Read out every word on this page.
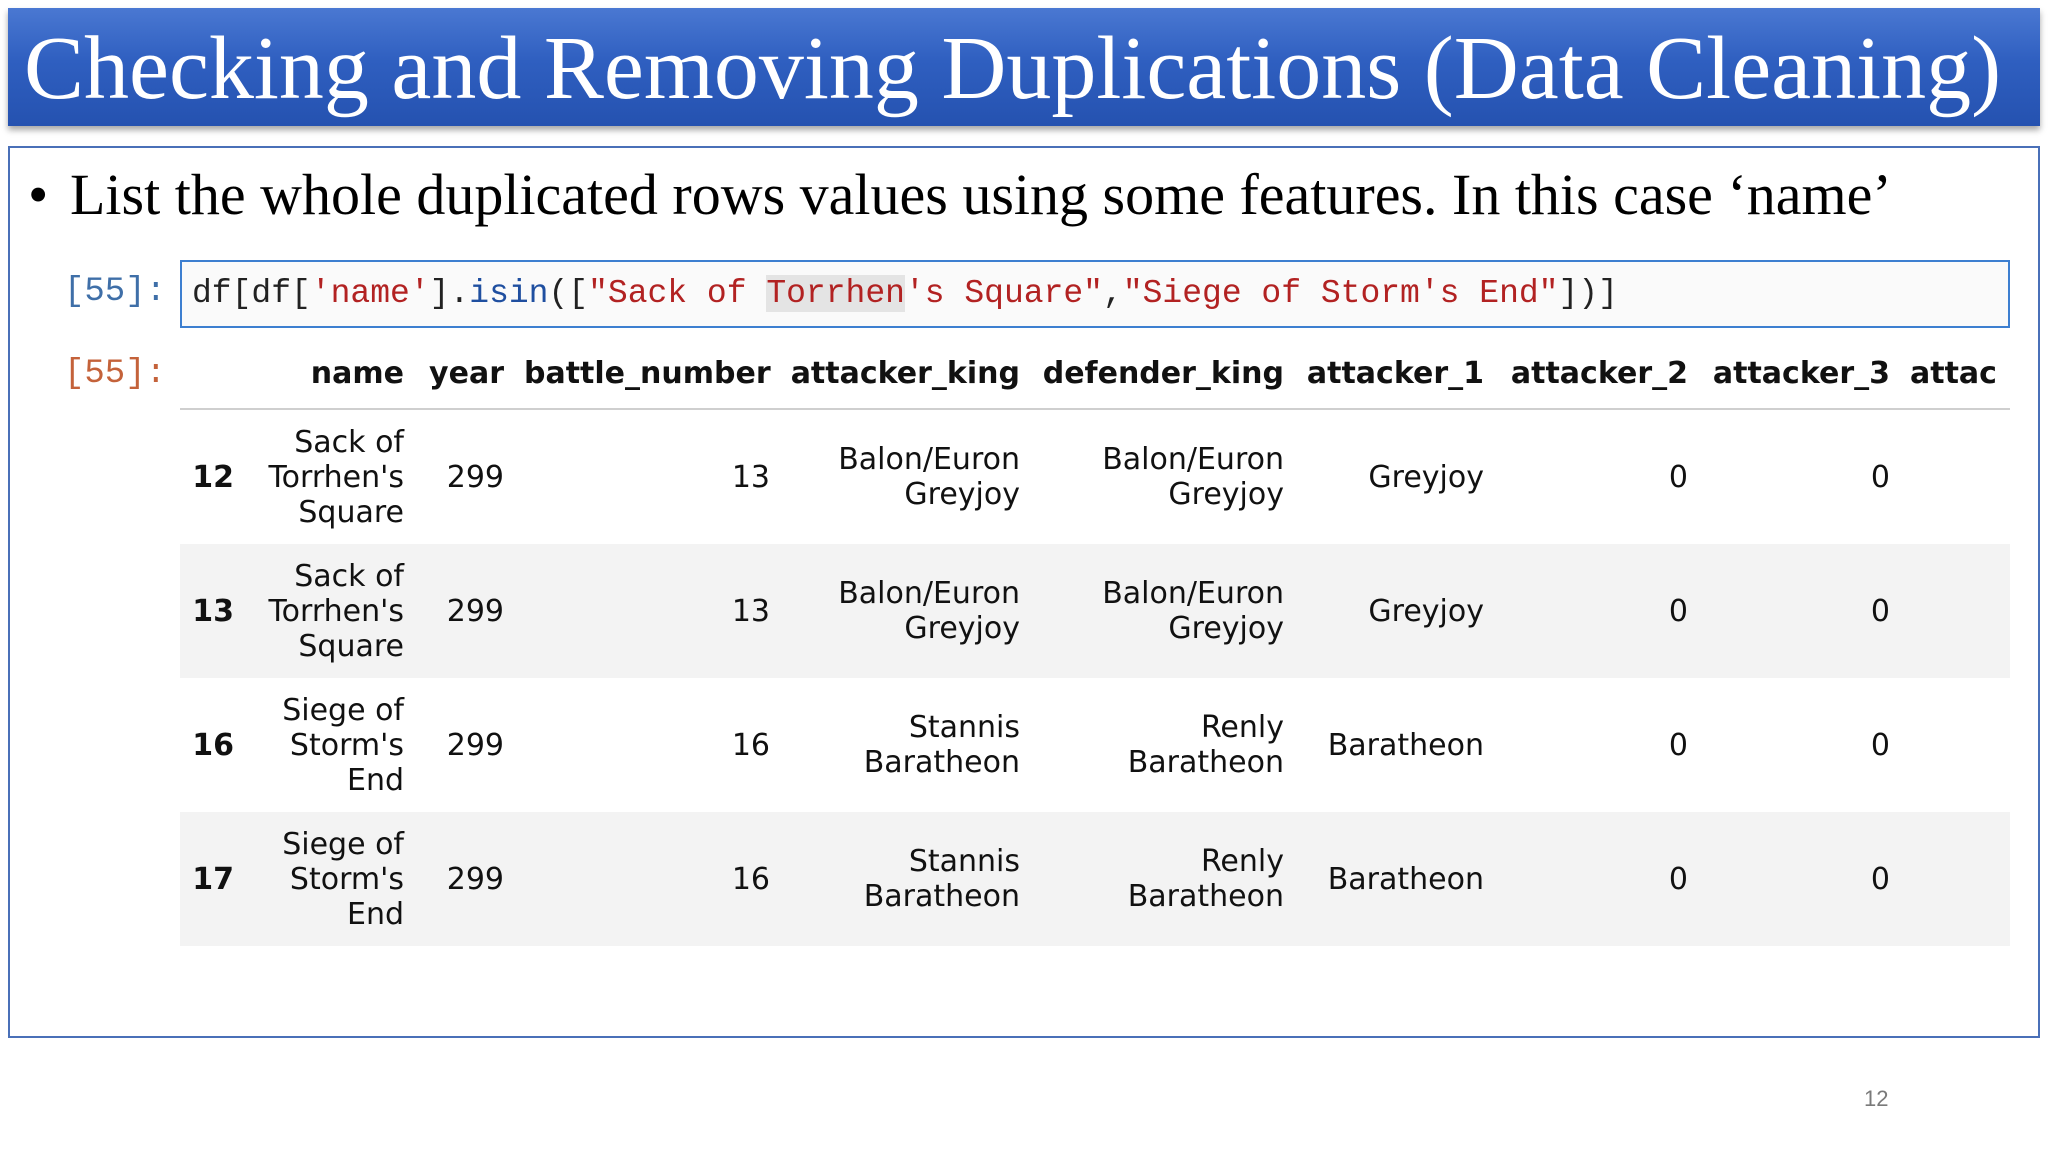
Checking and Removing Duplications (Data Cleaning)
• List the whole duplicated rows values using some features. In this case ‘name’
[55]: df[df['name'].isin(["Sack of Torrhen's Square","Siege of Storm's End"])]
[55]:
		name	year	battle_number	attacker_king	defender_king	attacker_1	attacker_2	attacker_3	attac
12	Sack of
Torrhen's
Square	299	13	Balon/Euron
Greyjoy	Balon/Euron
Greyjoy	Greyjoy	0	0	
13	Sack of
Torrhen's
Square	299	13	Balon/Euron
Greyjoy	Balon/Euron
Greyjoy	Greyjoy	0	0	
16	Siege of
Storm's
End	299	16	Stannis
Baratheon	Renly
Baratheon	Baratheon	0	0	
17	Siege of
Storm's
End	299	16	Stannis
Baratheon	Renly
Baratheon	Baratheon	0	0	
12
